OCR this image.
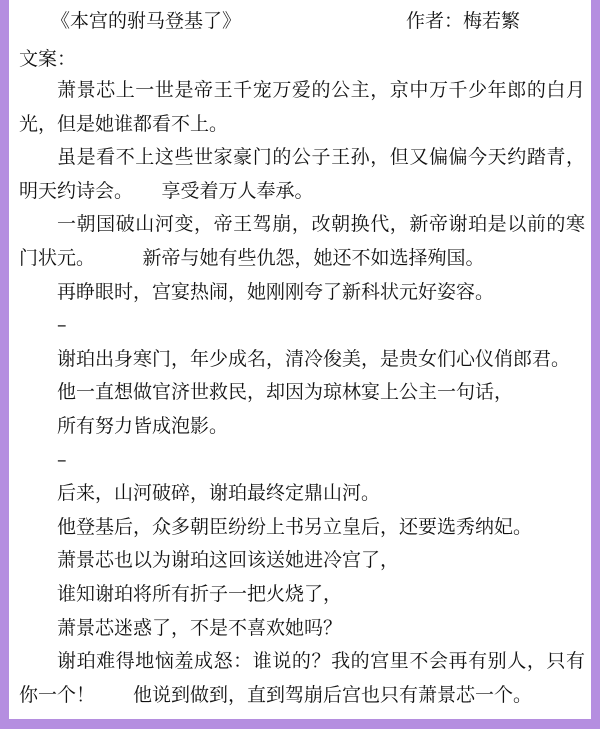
《本宫的驸马登基了》	作者：梅若繁
文案：
萧景芯上一世是帝王千宠万爱的公主，京中万千少年郎的白月光，但是她谁都看不上。
虽是看不上这些世家豪门的公子王孙，但又偏偏今天约踏青，明天约诗会。　　享受着万人奉承。
一朝国破山河变，帝王驾崩，改朝换代，新帝谢珀是以前的寒门状元。　　　新帝与她有些仇怨，她还不如选择殉国。
再睁眼时，宫宴热闹，她刚刚夸了新科状元好姿容。
–
谢珀出身寒门，年少成名，清冷俊美，是贵女们心仪俏郎君。
他一直想做官济世救民，却因为琼林宴上公主一句话，
所有努力皆成泡影。
–
后来，山河破碎，谢珀最终定鼎山河。
他登基后，众多朝臣纷纷上书另立皇后，还要选秀纳妃。
萧景芯也以为谢珀这回该送她进冷宫了，
谁知谢珀将所有折子一把火烧了，
萧景芯迷惑了，不是不喜欢她吗？
谢珀难得地恼羞成怒：谁说的？我的宫里不会再有别人，只有你一个！　　他说到做到，直到驾崩后宫也只有萧景芯一个。
